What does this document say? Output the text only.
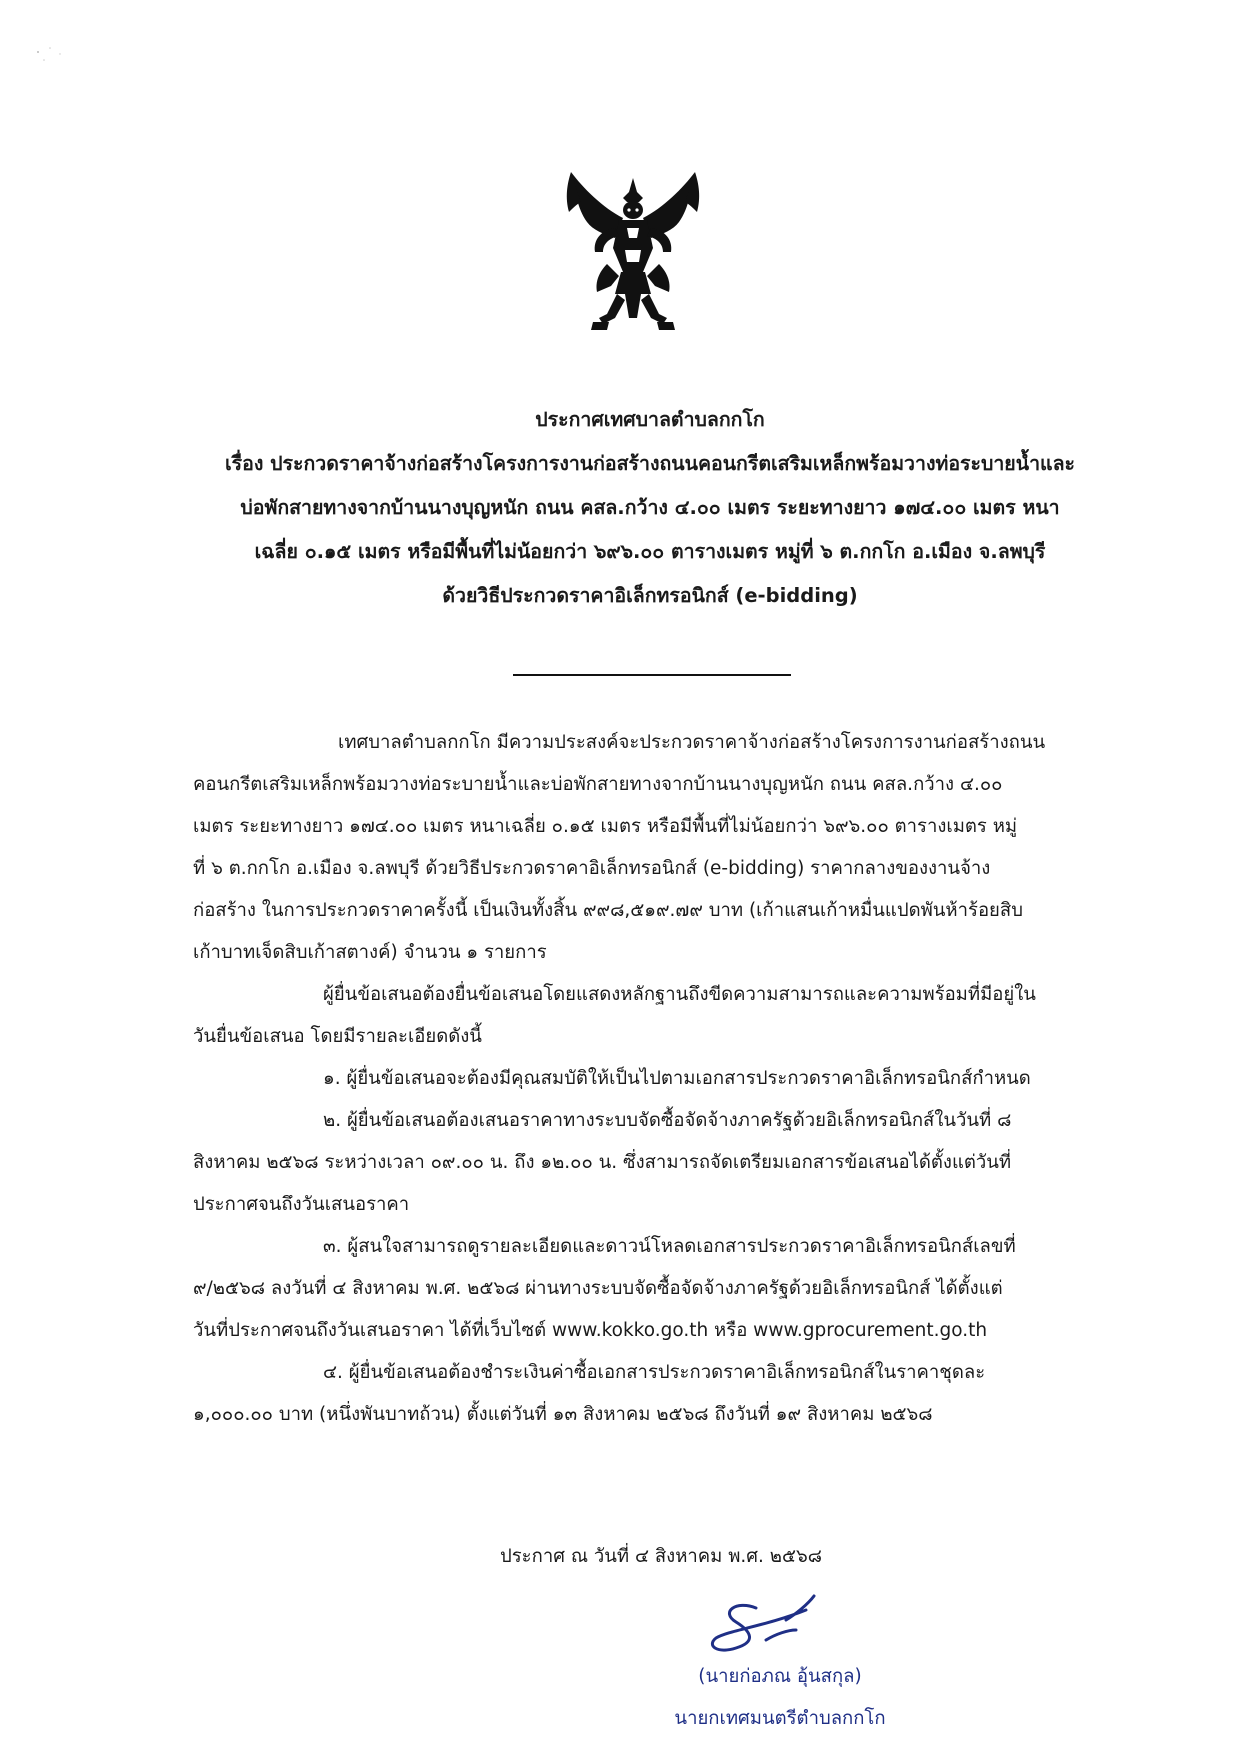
ประกาศเทศบาลตำบลกกโก
เรื่อง ประกวดราคาจ้างก่อสร้างโครงการงานก่อสร้างถนนคอนกรีตเสริมเหล็กพร้อมวางท่อระบายน้ำและ
บ่อพักสายทางจากบ้านนางบุญหนัก ถนน คสล.กว้าง ๔.๐๐ เมตร ระยะทางยาว ๑๗๔.๐๐ เมตร หนา
เฉลี่ย ๐.๑๕ เมตร หรือมีพื้นที่ไม่น้อยกว่า ๖๙๖.๐๐ ตารางเมตร หมู่ที่ ๖ ต.กกโก อ.เมือง จ.ลพบุรี
ด้วยวิธีประกวดราคาอิเล็กทรอนิกส์ (e-bidding)
เทศบาลตำบลกกโก มีความประสงค์จะประกวดราคาจ้างก่อสร้างโครงการงานก่อสร้างถนน
คอนกรีตเสริมเหล็กพร้อมวางท่อระบายน้ำและบ่อพักสายทางจากบ้านนางบุญหนัก ถนน คสล.กว้าง ๔.๐๐
เมตร ระยะทางยาว ๑๗๔.๐๐ เมตร หนาเฉลี่ย ๐.๑๕ เมตร หรือมีพื้นที่ไม่น้อยกว่า ๖๙๖.๐๐ ตารางเมตร หมู่
ที่ ๖ ต.กกโก อ.เมือง จ.ลพบุรี ด้วยวิธีประกวดราคาอิเล็กทรอนิกส์ (e-bidding) ราคากลางของงานจ้าง
ก่อสร้าง ในการประกวดราคาครั้งนี้ เป็นเงินทั้งสิ้น ๙๙๘,๕๑๙.๗๙ บาท (เก้าแสนเก้าหมื่นแปดพันห้าร้อยสิบ
เก้าบาทเจ็ดสิบเก้าสตางค์) จำนวน ๑ รายการ
ผู้ยื่นข้อเสนอต้องยื่นข้อเสนอโดยแสดงหลักฐานถึงขีดความสามารถและความพร้อมที่มีอยู่ใน
วันยื่นข้อเสนอ โดยมีรายละเอียดดังนี้
๑. ผู้ยื่นข้อเสนอจะต้องมีคุณสมบัติให้เป็นไปตามเอกสารประกวดราคาอิเล็กทรอนิกส์กำหนด
๒. ผู้ยื่นข้อเสนอต้องเสนอราคาทางระบบจัดซื้อจัดจ้างภาครัฐด้วยอิเล็กทรอนิกส์ในวันที่ ๘
สิงหาคม ๒๕๖๘ ระหว่างเวลา ๐๙.๐๐ น. ถึง ๑๒.๐๐ น. ซึ่งสามารถจัดเตรียมเอกสารข้อเสนอได้ตั้งแต่วันที่
ประกาศจนถึงวันเสนอราคา
๓. ผู้สนใจสามารถดูรายละเอียดและดาวน์โหลดเอกสารประกวดราคาอิเล็กทรอนิกส์เลขที่
๙/๒๕๖๘ ลงวันที่ ๔ สิงหาคม พ.ศ. ๒๕๖๘ ผ่านทางระบบจัดซื้อจัดจ้างภาครัฐด้วยอิเล็กทรอนิกส์ ได้ตั้งแต่
วันที่ประกาศจนถึงวันเสนอราคา ได้ที่เว็บไซต์ www.kokko.go.th หรือ www.gprocurement.go.th
๔. ผู้ยื่นข้อเสนอต้องชำระเงินค่าซื้อเอกสารประกวดราคาอิเล็กทรอนิกส์ในราคาชุดละ
๑,๐๐๐.๐๐ บาท (หนึ่งพันบาทถ้วน) ตั้งแต่วันที่ ๑๓ สิงหาคม ๒๕๖๘ ถึงวันที่ ๑๙ สิงหาคม ๒๕๖๘
ประกาศ ณ วันที่ ๔ สิงหาคม พ.ศ. ๒๕๖๘
(นายก่อภณ อุ้นสกุล)
นายกเทศมนตรีตำบลกกโก
